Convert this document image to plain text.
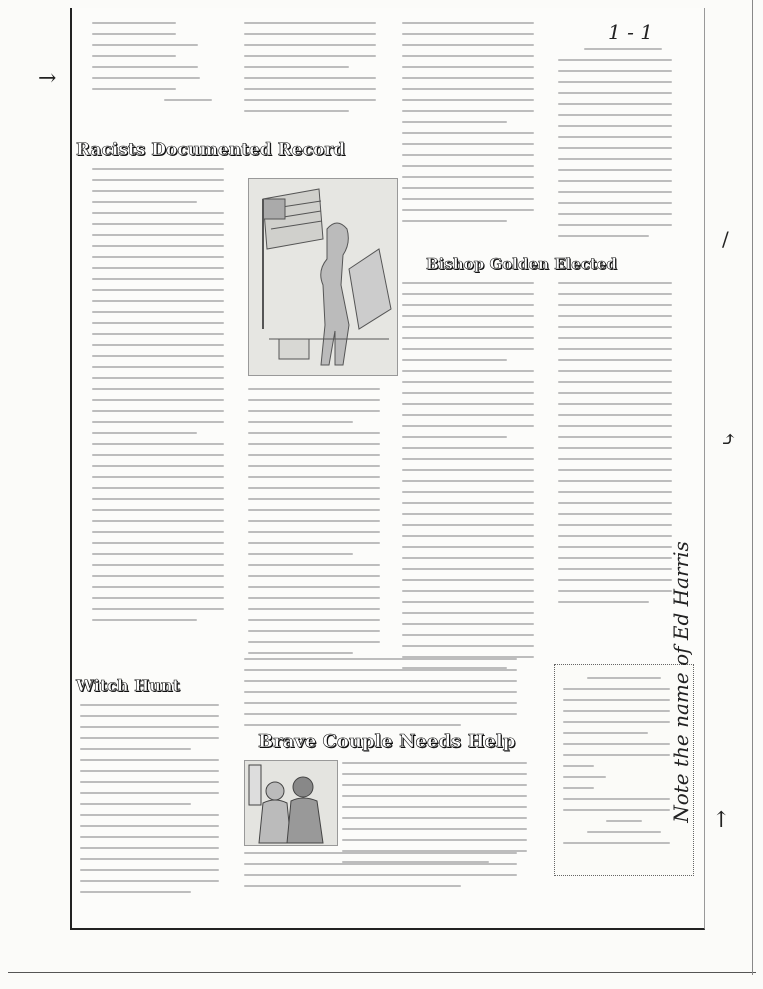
→
Racists Documented Record
Bishop Golden Elected
Witch Hunt
Brave Couple Needs Help
1 - 1
Note the name of Ed Harris ↑
⤴
/
